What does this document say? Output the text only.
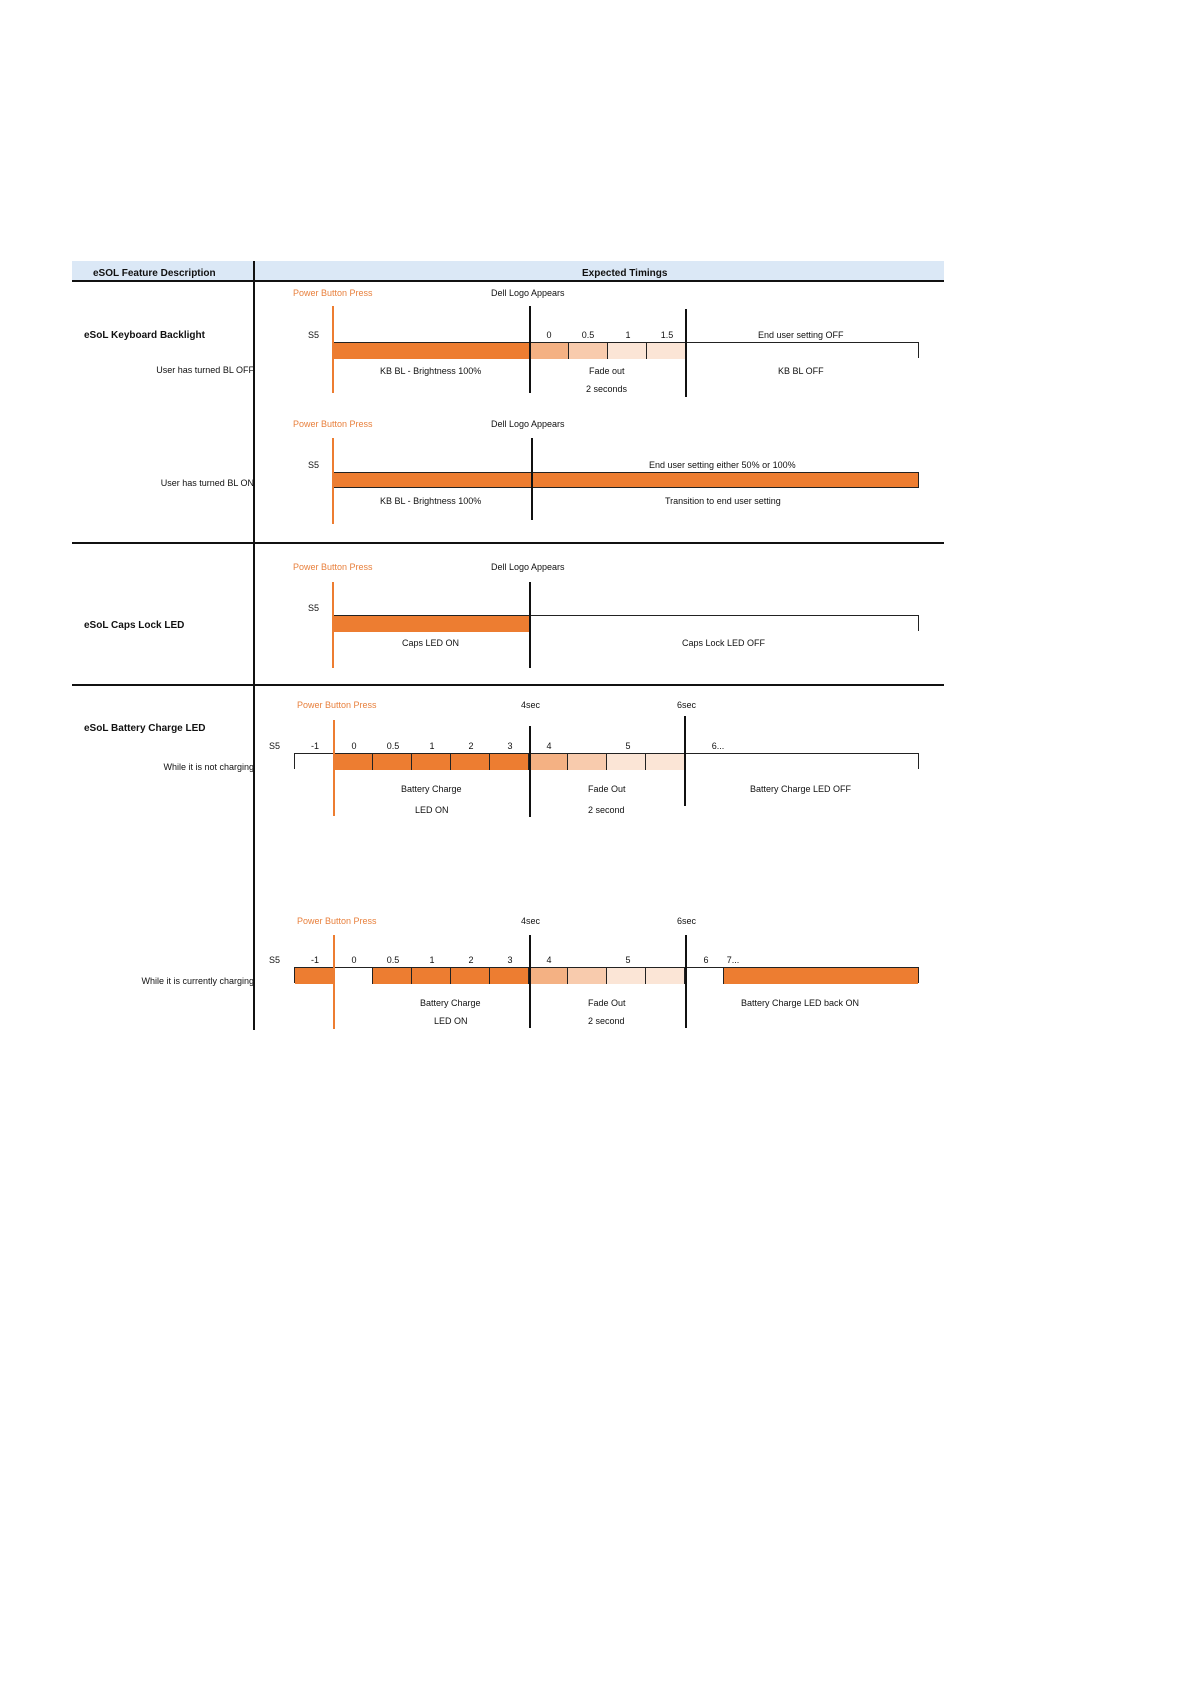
eSOL Feature Description	Expected Timings
eSoL Keyboard Backlight
User has turned BL OFF
Power Button Press	Dell Logo Appears
S5	0	0.5	1	1.5	End user setting OFF
KB BL - Brightness 100%	Fade out
2 seconds
KB BL OFF
User has turned BL ON
Power Button Press	Dell Logo Appears
S5	End user setting either 50% or 100%
KB BL - Brightness 100%	Transition to end user setting
eSoL Caps Lock LED
Power Button Press	Dell Logo Appears
S5
Caps LED ON	Caps Lock LED OFF
eSoL Battery Charge LED
While it is not charging
Power Button Press	4sec	6sec
S5	-1	0	0.5	1	2	3	4	5	6...
Battery Charge
LED ON
Fade Out
2 second
Battery Charge LED OFF
While it is currently charging
Power Button Press	4sec	6sec
S5	-1	0	0.5	1	2	3	4	5	6 7...
Battery Charge
LED ON
Fade Out
2 second
Battery Charge LED back ON
